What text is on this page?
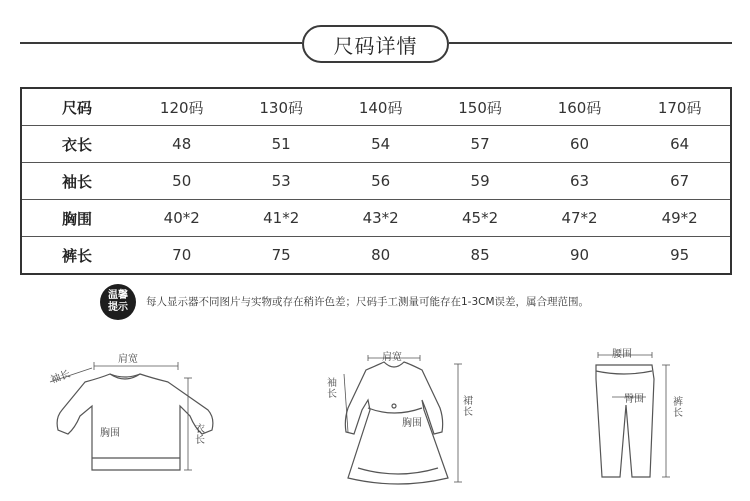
尺码详情
尺码	120码	130码	140码	150码	160码	170码
衣长	48	51	54	57	60	64
袖长	50	53	56	59	63	67
胸围	40*2	41*2	43*2	45*2	47*2	49*2
裤长	70	75	80	85	90	95
温馨
提示 每人显示器不同图片与实物或存在稍许色差；尺码手工测量可能存在1-3CM误差，属合理范围。
肩宽
袖长
胸围	衣长
肩宽
袖长
胸围
裙长
腰围
臀围	裤长
